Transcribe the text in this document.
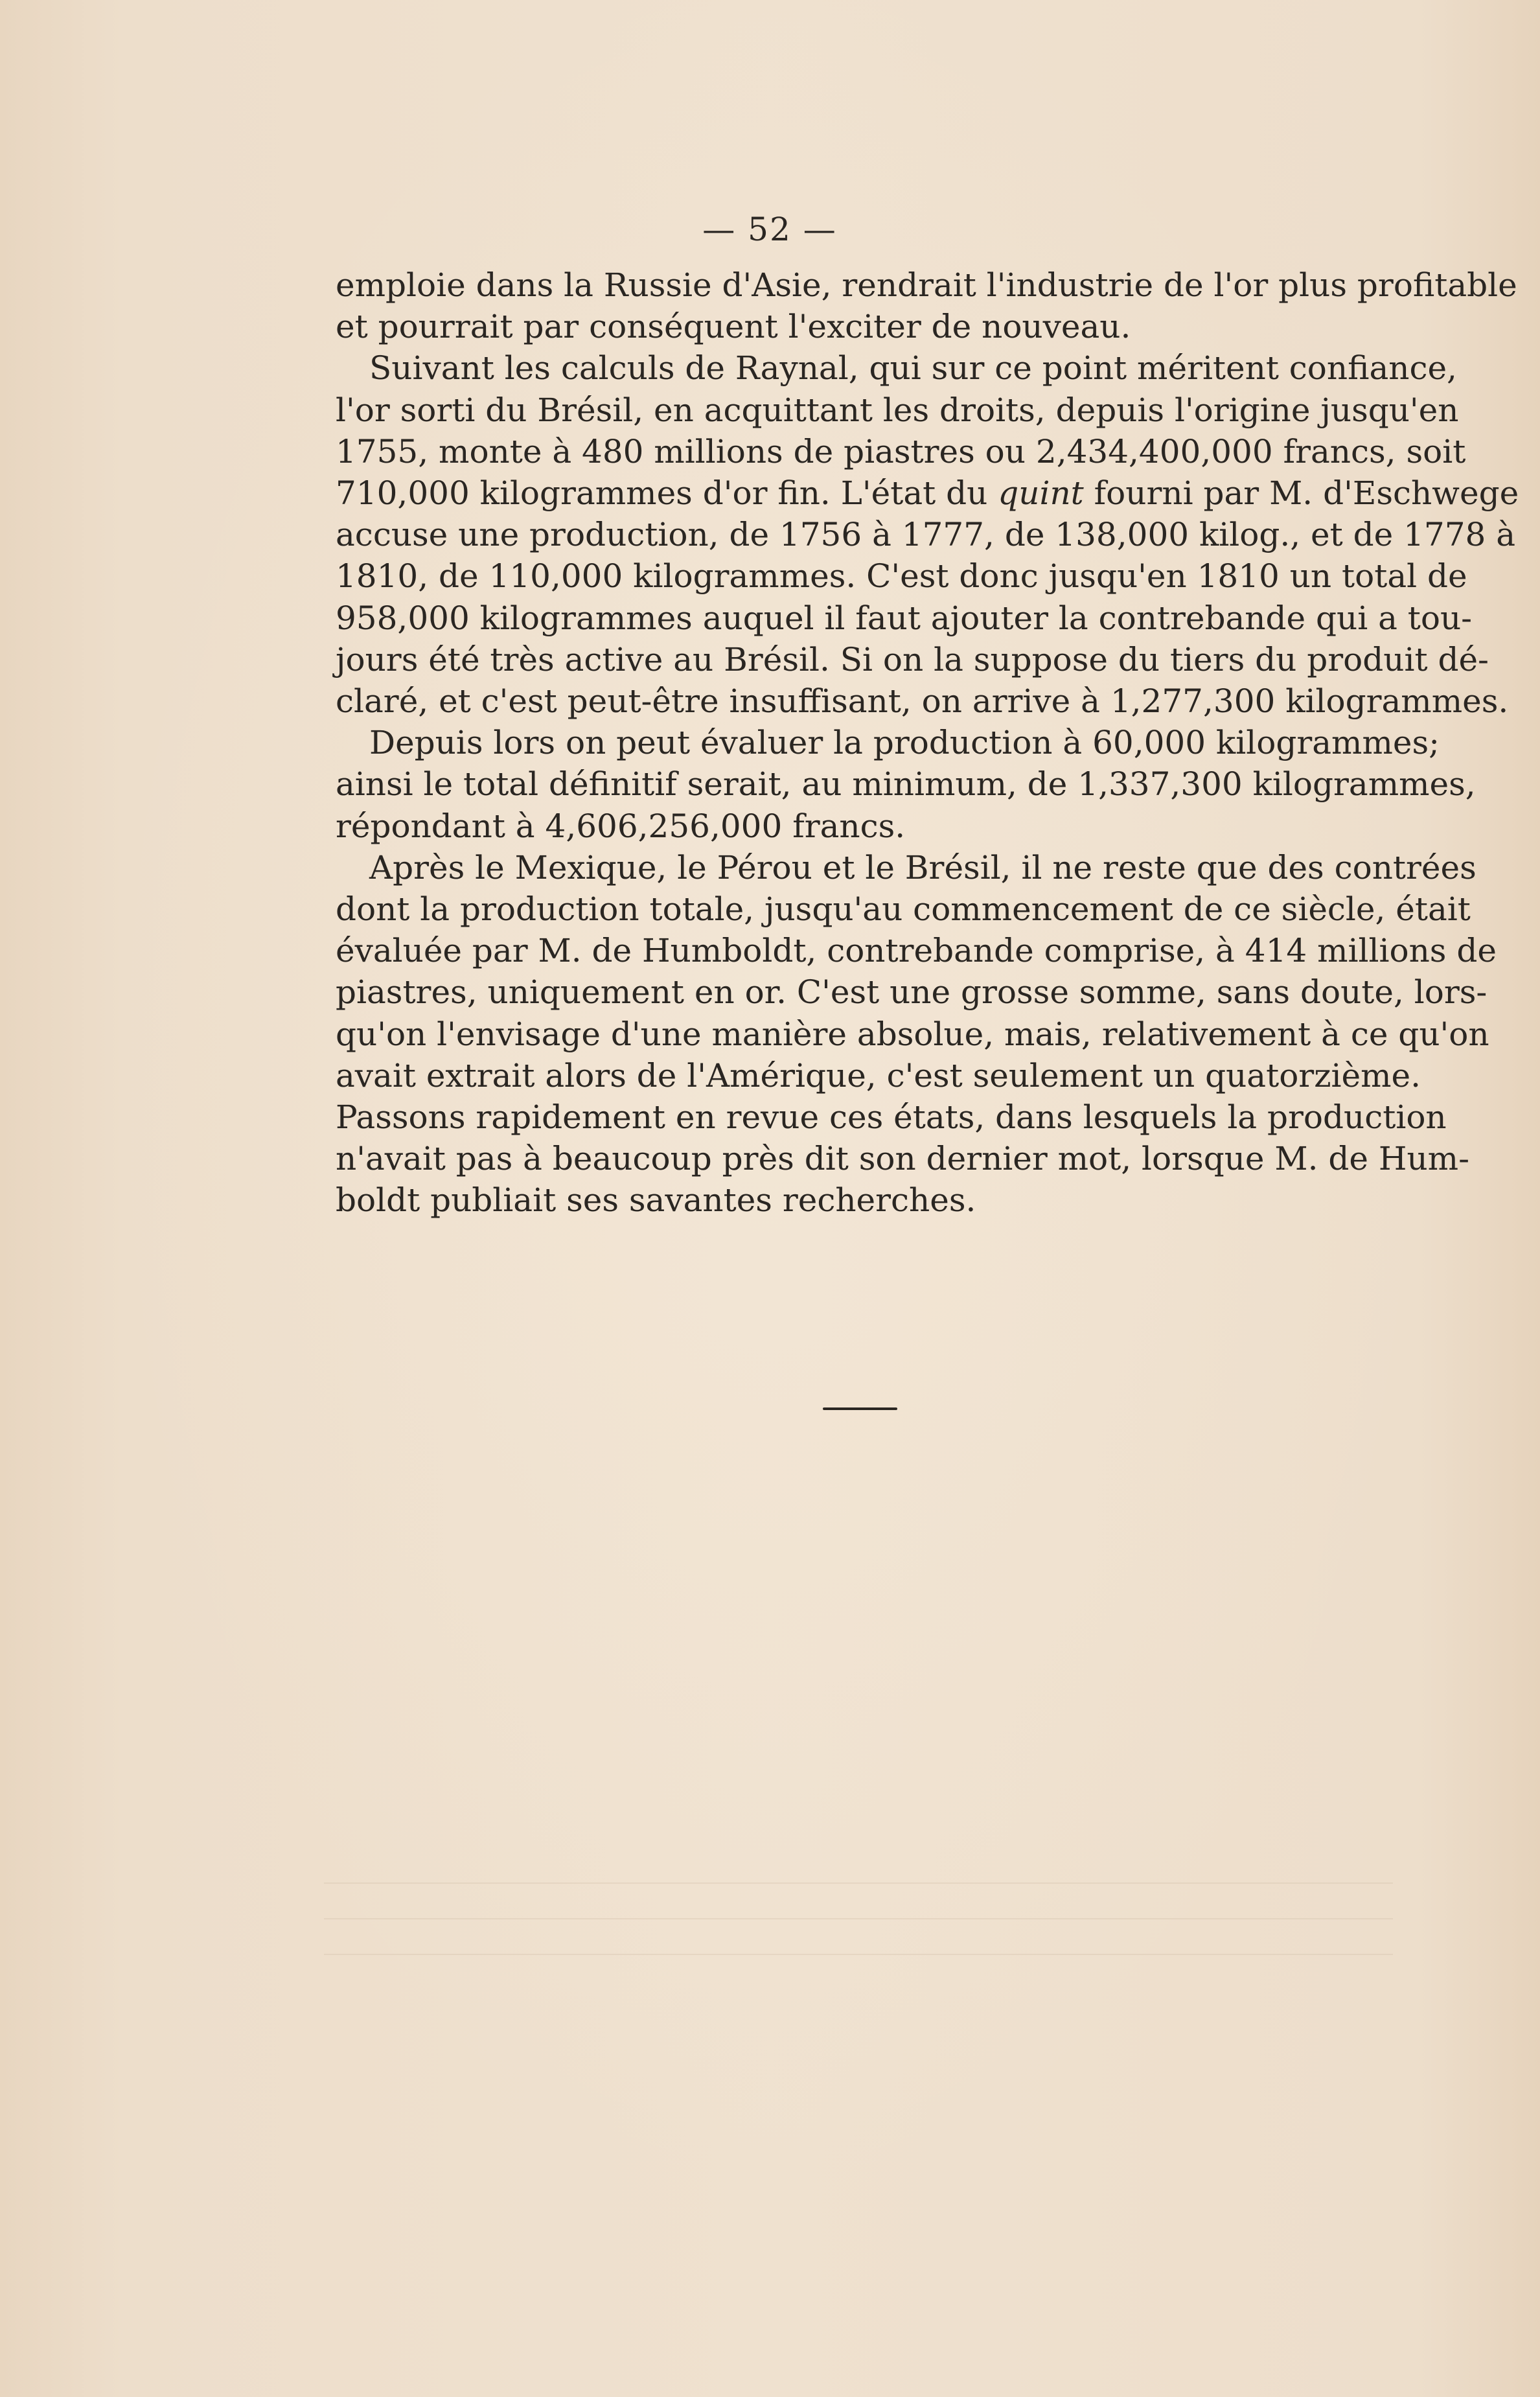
— 52 —

emploie dans la Russie d'Asie, rendrait l'industrie de l'or plus profitable
et pourrait par conséquent l'exciter de nouveau.

Suivant les calculs de Raynal, qui sur ce point méritent confiance,
l'or sorti du Brésil, en acquittant les droits, depuis l'origine jusqu'en
1755, monte à 480 millions de piastres ou 2,434,400,000 francs, soit
710,000 kilogrammes d'or fin. L'état du quint fourni par M. d'Eschwege
accuse une production, de 1756 à 1777, de 138,000 kilog., et de 1778 à
1810, de 110,000 kilogrammes. C'est donc jusqu'en 1810 un total de
958,000 kilogrammes auquel il faut ajouter la contrebande qui a tou-
jours été très active au Brésil. Si on la suppose du tiers du produit dé-
claré, et c'est peut-être insuffisant, on arrive à 1,277,300 kilogrammes.

Depuis lors on peut évaluer la production à 60,000 kilogrammes;
ainsi le total définitif serait, au minimum, de 1,337,300 kilogrammes,
répondant à 4,606,256,000 francs.

Après le Mexique, le Pérou et le Brésil, il ne reste que des contrées
dont la production totale, jusqu'au commencement de ce siècle, était
évaluée par M. de Humboldt, contrebande comprise, à 414 millions de
piastres, uniquement en or. C'est une grosse somme, sans doute, lors-
qu'on l'envisage d'une manière absolue, mais, relativement à ce qu'on
avait extrait alors de l'Amérique, c'est seulement un quatorzième.
Passons rapidement en revue ces états, dans lesquels la production
n'avait pas à beaucoup près dit son dernier mot, lorsque M. de Hum-
boldt publiait ses savantes recherches.
